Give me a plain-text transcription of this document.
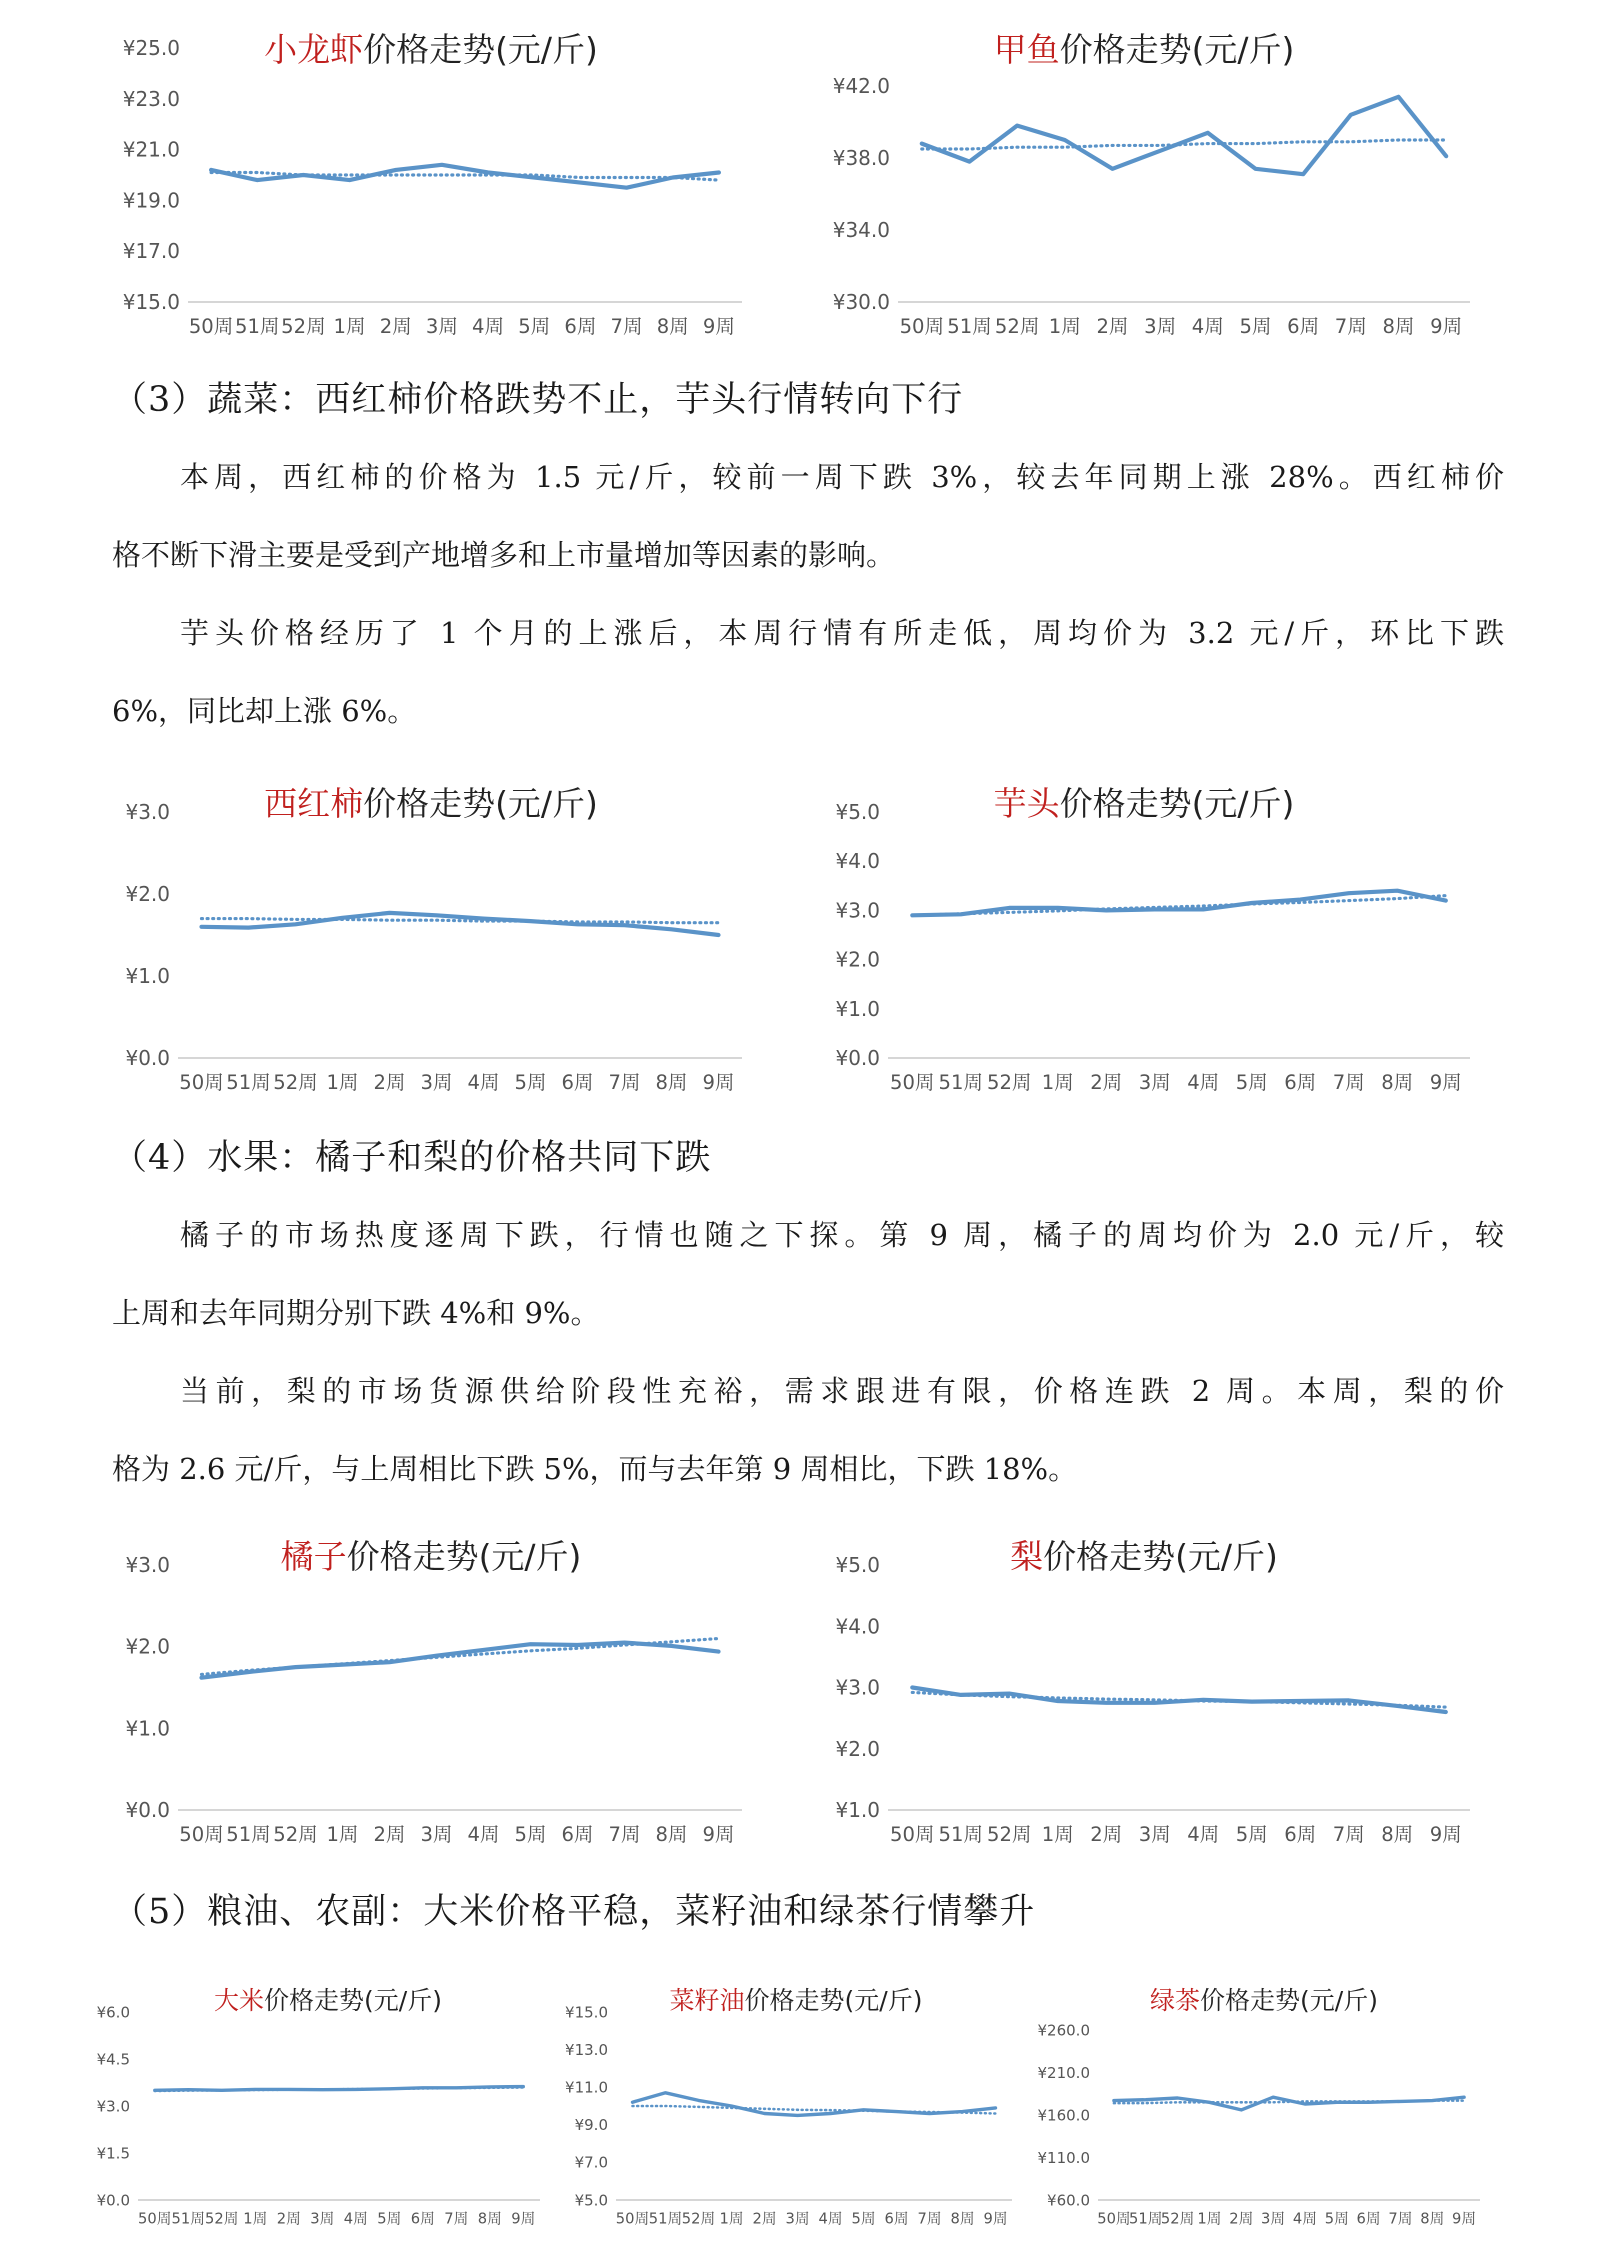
小龙虾价格走势(元/斤)
¥15.0
¥17.0
¥19.0
¥21.0
¥23.0
¥25.0
50周 51周 52周 1周 2周 3周 4周 5周 6周 7周 8周 9周
甲鱼价格走势(元/斤)
¥30.0
¥34.0
¥38.0
¥42.0
50周 51周 52周 1周 2周 3周 4周 5周 6周 7周 8周 9周
（3）蔬菜：西红柿价格跌势不止，芋头行情转向下行
本周，西红柿的价格为 1.5 元/斤，较前一周下跌 3%，较去年同期上涨 28%。西红柿价
格不断下滑主要是受到产地增多和上市量增加等因素的影响。
芋头价格经历了 1 个月的上涨后，本周行情有所走低，周均价为 3.2 元/斤，环比下跌
6%，同比却上涨 6%。
西红柿价格走势(元/斤)
¥0.0
¥1.0
¥2.0
¥3.0
50周 51周 52周 1周 2周 3周 4周 5周 6周 7周 8周 9周
芋头价格走势(元/斤)
¥0.0
¥1.0
¥2.0
¥3.0
¥4.0
¥5.0
50周 51周 52周 1周 2周 3周 4周 5周 6周 7周 8周 9周
（4）水果：橘子和梨的价格共同下跌
橘子的市场热度逐周下跌，行情也随之下探。第 9 周，橘子的周均价为 2.0 元/斤，较
上周和去年同期分别下跌 4%和 9%。
当前，梨的市场货源供给阶段性充裕，需求跟进有限，价格连跌 2 周。本周，梨的价
格为 2.6 元/斤，与上周相比下跌 5%，而与去年第 9 周相比，下跌 18%。
橘子价格走势(元/斤)
¥0.0
¥1.0
¥2.0
¥3.0
50周 51周 52周 1周 2周 3周 4周 5周 6周 7周 8周 9周
梨价格走势(元/斤)
¥1.0
¥2.0
¥3.0
¥4.0
¥5.0
50周 51周 52周 1周 2周 3周 4周 5周 6周 7周 8周 9周
（5）粮油、农副：大米价格平稳，菜籽油和绿茶行情攀升
大米价格走势(元/斤)
¥0.0
¥1.5
¥3.0
¥4.5
¥6.0
50周 51周 52周 1周 2周 3周 4周 5周 6周 7周 8周 9周
菜籽油价格走势(元/斤)
¥5.0
¥7.0
¥9.0
¥11.0
¥13.0
¥15.0
50周 51周 52周 1周 2周 3周 4周 5周 6周 7周 8周 9周
绿茶价格走势(元/斤)
¥60.0
¥110.0
¥160.0
¥210.0
¥260.0
50周
51周
52周 1周 2周 3周 4周 5周 6周 7周 8周 9周
